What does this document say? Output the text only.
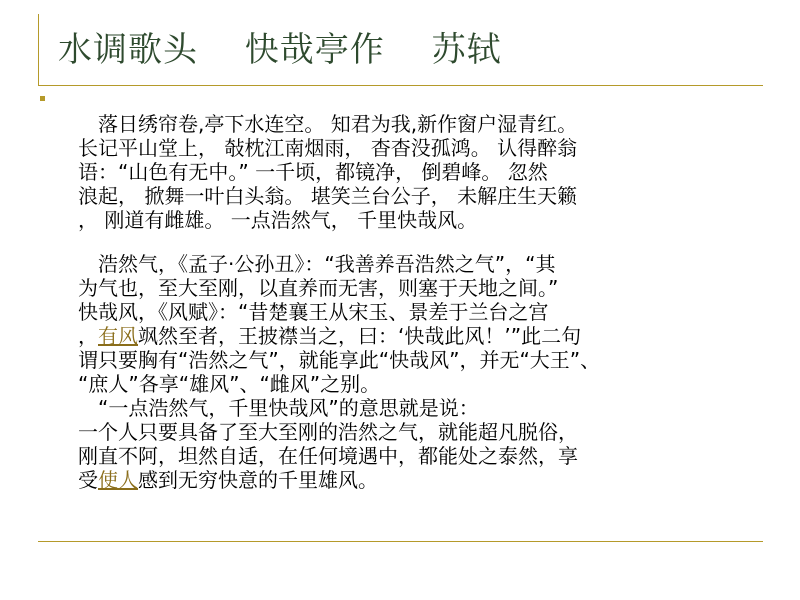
水调歌头　 快哉亭作　 苏轼

　落日绣帘卷,亭下水连空。 知君为我,新作窗户湿青红。

长记平山堂上， 敧枕江南烟雨， 杳杳没孤鸿。 认得醉翁

语：“山色有无中。” 一千顷，都镜净， 倒碧峰。 忽然

浪起， 掀舞一叶白头翁。 堪笑兰台公子， 未解庄生天籁

， 刚道有雌雄。 一点浩然气， 千里快哉风。

　浩然气，《孟子·公孙丑》：“我善养吾浩然之气”，“其

为气也，至大至刚，以直养而无害，则塞于天地之间。”

快哉风，《风赋》：“昔楚襄王从宋玉、景差于兰台之宫

，有风飒然至者，王披襟当之，曰：‘快哉此风！’”此二句

谓只要胸有“浩然之气”，就能享此“快哉风”，并无“大王”、

“庶人”各享“雄风”、“雌风”之别。

　“一点浩然气，千里快哉风”的意思就是说：

一个人只要具备了至大至刚的浩然之气，就能超凡脱俗，

刚直不阿，坦然自适，在任何境遇中，都能处之泰然，享

受使人感到无穷快意的千里雄风。
